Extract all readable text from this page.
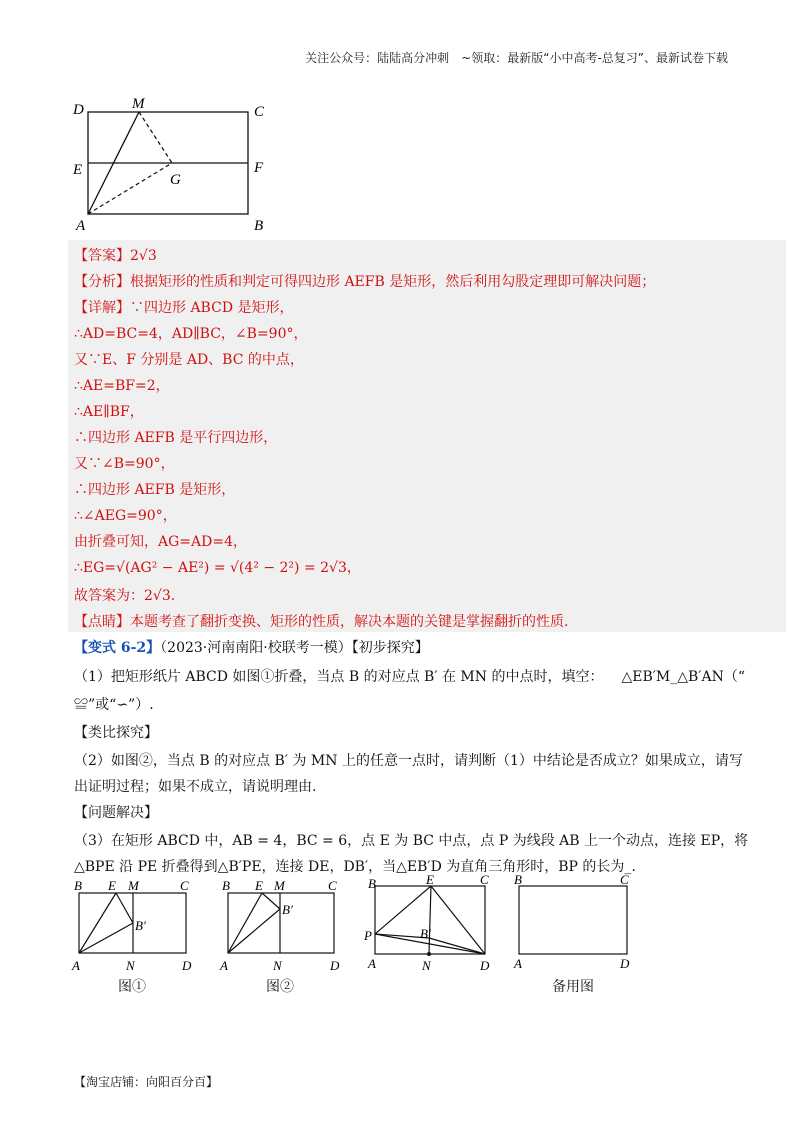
关注公众号：陆陆高分冲刺　~领取：最新版“小中高考-总复习”、最新试卷下载
D	M	C
E	F
G
A	B
【答案】2√3
【分析】根据矩形的性质和判定可得四边形 AEFB 是矩形，然后利用勾股定理即可解决问题；
【详解】∵四边形 ABCD 是矩形，
∴AD=BC=4，AD∥BC，∠B=90°，
又∵E、F 分别是 AD、BC 的中点，
∴AE=BF=2，
∴AE∥BF，
∴四边形 AEFB 是平行四边形，
又∵∠B=90°，
∴四边形 AEFB 是矩形，
∴∠AEG=90°，
由折叠可知，AG=AD=4，
∴EG=√(AG² − AE²) = √(4² − 2²) = 2√3，
故答案为：2√3.
【点睛】本题考查了翻折变换、矩形的性质，解决本题的关键是掌握翻折的性质.
【变式 6-2】（2023·河南南阳·校联考一模）【初步探究】
（1）把矩形纸片 ABCD 如图①折叠，当点 B 的对应点 B′ 在 MN 的中点时，填空： △EB′M_△B′AN（“
≌”或“∽”）.
【类比探究】
（2）如图②，当点 B 的对应点 B′ 为 MN 上的任意一点时，请判断（1）中结论是否成立？如果成立，请写
出证明过程；如果不成立，请说明理由.
【问题解决】
（3）在矩形 ABCD 中，AB = 4，BC = 6，点 E 为 BC 中点，点 P 为线段 AB 上一个动点，连接 EP，将
△BPE 沿 PE 折叠得到△B′PE，连接 DE，DB′，当△EB′D 为直角三角形时，BP 的长为_.
B E M	C
B′
A	N	D
图①
B E M	C
B′
A	N	D
图②
B	E	C
P	B′
A	N	D
B	C
A	D
备用图
【淘宝店铺：向阳百分百】
